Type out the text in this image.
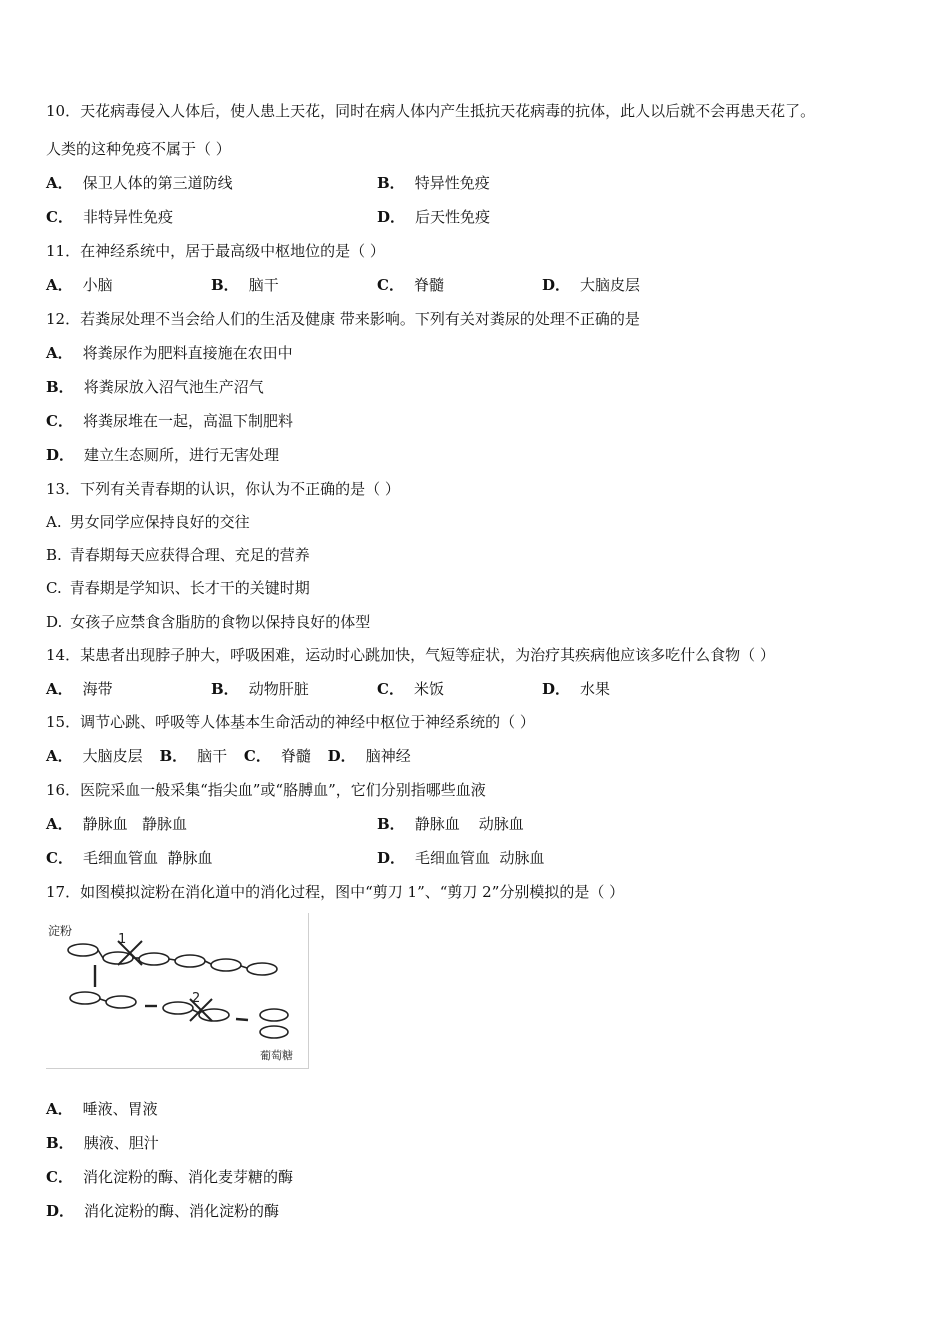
10．天花病毒侵入人体后，使人患上天花，同时在病人体内产生抵抗天花病毒的抗体，此人以后就不会再患天花了。
人类的这种免疫不属于（ ）
A． 保卫人体的第三道防线	B． 特异性免疫
C． 非特异性免疫	D． 后天性免疫
11．在神经系统中，居于最高级中枢地位的是（ ）
A． 小脑	B． 脑干	C． 脊髓	D． 大脑皮层
12．若粪尿处理不当会给人们的生活及健康 带来影响。下列有关对粪尿的处理不正确的是
A． 将粪尿作为肥料直接施在农田中
B． 将粪尿放入沼气池生产沼气
C． 将粪尿堆在一起，高温下制肥料
D． 建立生态厕所，进行无害处理
13．下列有关青春期的认识，你认为不正确的是（ ）
A. 男女同学应保持良好的交往
B. 青春期每天应获得合理、充足的营养
C. 青春期是学知识、长才干的关键时期
D. 女孩子应禁食含脂肪的食物以保持良好的体型
14．某患者出现脖子肿大，呼吸困难，运动时心跳加快，气短等症状，为治疗其疾病他应该多吃什么食物（ ）
A． 海带	B． 动物肝脏	C． 米饭	D． 水果
15．调节心跳、呼吸等人体基本生命活动的神经中枢位于神经系统的（ ）
A． 大脑皮层 B． 脑干 C． 脊髓 D． 脑神经
16．医院采血一般采集“指尖血”或“胳膊血”，它们分别指哪些血液
A． 静脉血   静脉血	B． 静脉血    动脉血
C． 毛细血管血  静脉血	D． 毛细血管血  动脉血
17．如图模拟淀粉在消化道中的消化过程，图中“剪刀 1”、“剪刀 2”分别模拟的是（ ）
淀粉
1
2
葡萄糖
A． 唾液、胃液
B． 胰液、胆汁
C． 消化淀粉的酶、消化麦芽糖的酶
D． 消化淀粉的酶、消化淀粉的酶
